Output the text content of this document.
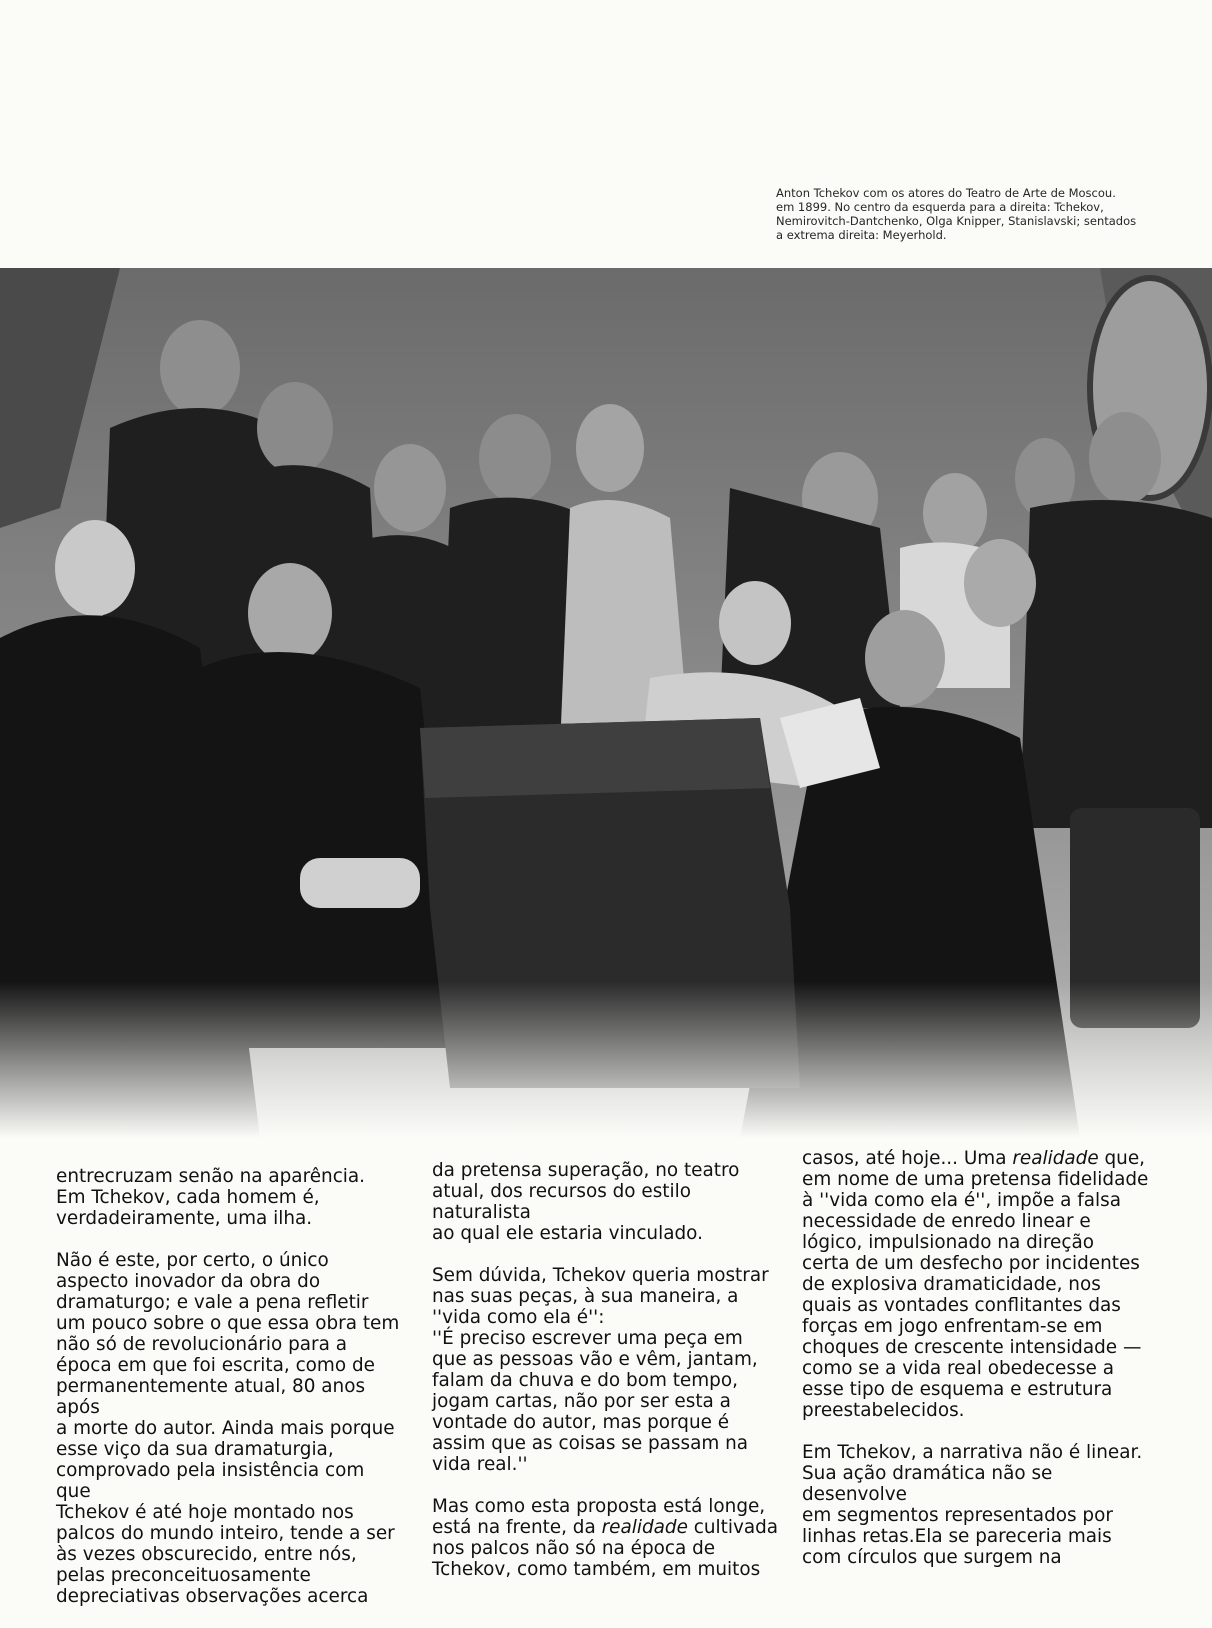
Anton Tchekov com os atores do Teatro de Arte de Moscou.
em 1899. No centro da esquerda para a direita: Tchekov,
Nemirovitch-Dantchenko, Olga Knipper, Stanislavski; sentados
a extrema direita: Meyerhold.

entrecruzam senão na aparência.
Em Tchekov, cada homem é,
verdadeiramente, uma ilha.

Não é este, por certo, o único
aspecto inovador da obra do
dramaturgo; e vale a pena refletir
um pouco sobre o que essa obra tem
não só de revolucionário para a
época em que foi escrita, como de
permanentemente atual, 80 anos após
a morte do autor. Ainda mais porque
esse viço da sua dramaturgia,
comprovado pela insistência com que
Tchekov é até hoje montado nos
palcos do mundo inteiro, tende a ser
às vezes obscurecido, entre nós,
pelas preconceituosamente
depreciativas observações acerca

da pretensa superação, no teatro
atual, dos recursos do estilo naturalista
ao qual ele estaria vinculado.

Sem dúvida, Tchekov queria mostrar
nas suas peças, à sua maneira, a
''vida como ela é'':
''É preciso escrever uma peça em
que as pessoas vão e vêm, jantam,
falam da chuva e do bom tempo,
jogam cartas, não por ser esta a
vontade do autor, mas porque é
assim que as coisas se passam na
vida real.''

Mas como esta proposta está longe,
está na frente, da realidade cultivada
nos palcos não só na época de
Tchekov, como também, em muitos

casos, até hoje... Uma realidade que,
em nome de uma pretensa fidelidade
à ''vida como ela é'', impõe a falsa
necessidade de enredo linear e
lógico, impulsionado na direção
certa de um desfecho por incidentes
de explosiva dramaticidade, nos
quais as vontades conflitantes das
forças em jogo enfrentam-se em
choques de crescente intensidade —
como se a vida real obedecesse a
esse tipo de esquema e estrutura
preestabelecidos.

Em Tchekov, a narrativa não é linear.
Sua ação dramática não se desenvolve
em segmentos representados por
linhas retas.Ela se pareceria mais
com círculos que surgem na
